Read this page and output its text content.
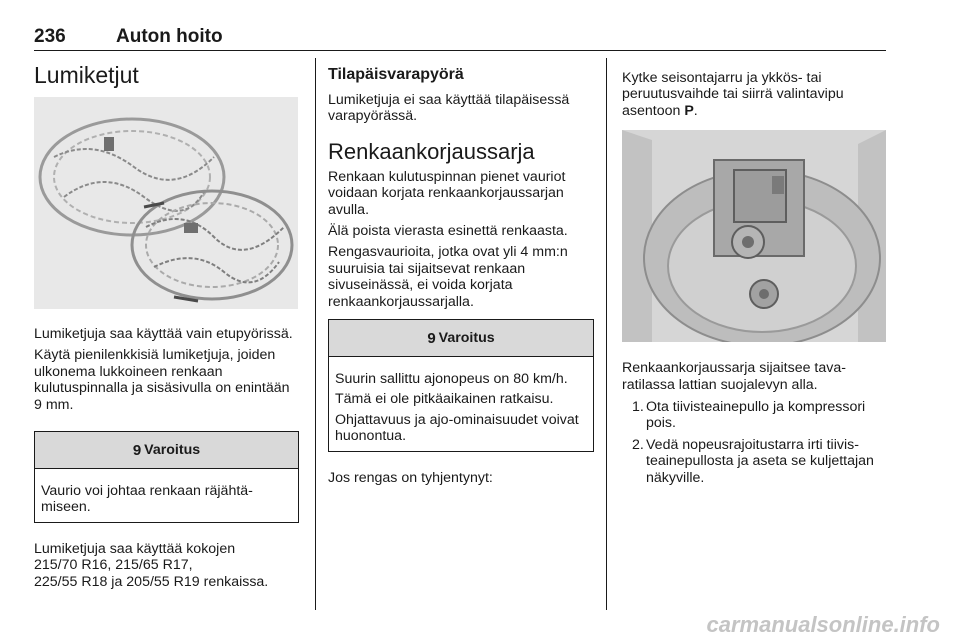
236	Auton hoito
Lumiketjut

Lumiketjuja saa käyttää vain etupyörissä.

Käytä pienilenkkisiä lumiketjuja, joiden ulkonema lukkoineen renkaan kulutuspinnalla ja sisäsivulla on enintään 9 mm.

9 Varoitus

Vaurio voi johtaa renkaan räjähtämiseen.

Lumiketjuja saa käyttää kokojen

215/70 R16, 215/65 R17,

225/55 R18 ja 205/55 R19 renkaissa.

Tilapäisvarapyörä

Lumiketjuja ei saa käyttää tilapäisessä varapyörässä.

Renkaankorjaussarja

Renkaan kulutuspinnan pienet vauriot voidaan korjata renkaankorjaussarjan avulla.

Älä poista vierasta esinettä renkaasta.

Rengasvaurioita, jotka ovat yli 4 mm:n suuruisia tai sijaitsevat renkaan sivuseinässä, ei voida korjata renkaankorjaussarjalla.

9 Varoitus

Suurin sallittu ajonopeus on 80 km/h.

Tämä ei ole pitkäaikainen ratkaisu.

Ohjattavuus ja ajo-ominaisuudet voivat huonontua.

Jos rengas on tyhjentynyt:

Kytke seisontajarru ja ykkös- tai peruutusvaihde tai siirrä valintavipu asentoon P.

Renkaankorjaussarja sijaitsee tavaratilassa lattian suojalevyn alla.

1. Ota tiivisteainepullo ja kompressori pois.
2. Vedä nopeusrajoitustarra irti tiivisteainepullosta ja aseta se kuljettajan näkyville.
carmanualsonline.info
